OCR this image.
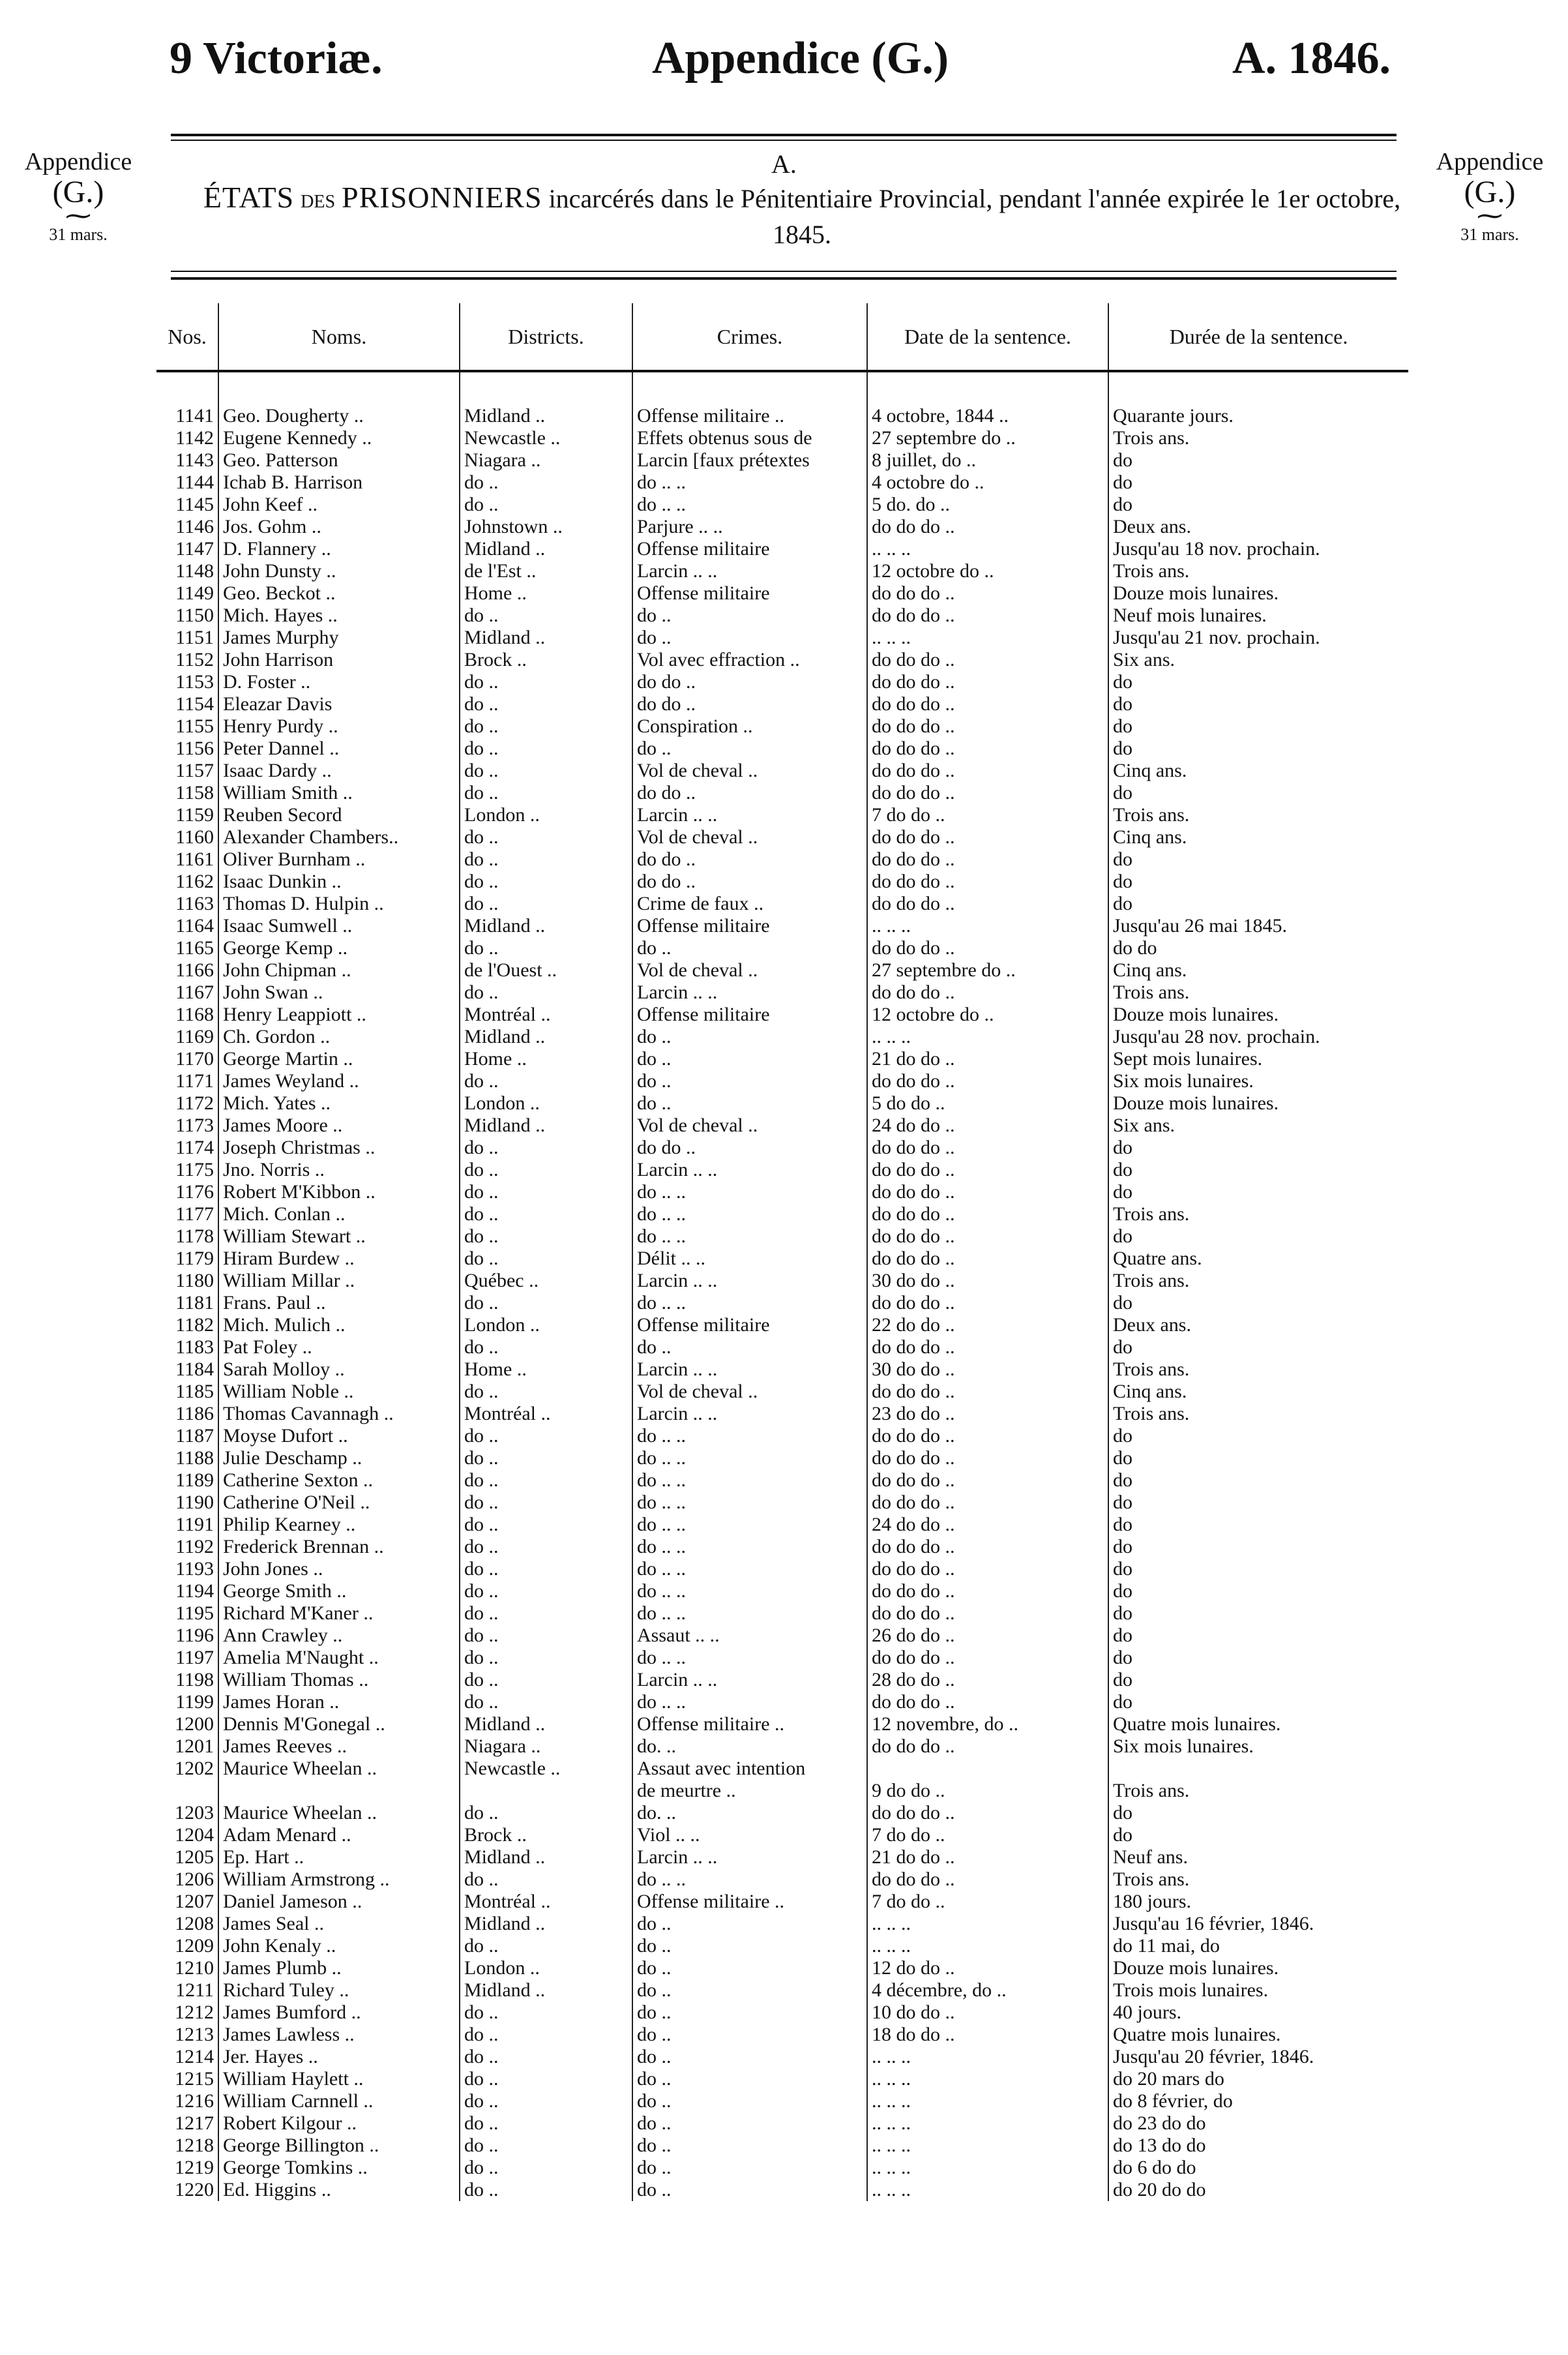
9 Victoriæ.	Appendice (G.)	A. 1846.
Appendice
(G.)
⁓
31 mars.
Appendice
(G.)
⁓
31 mars.
A.
ÉTATS DES PRISONNIERS incarcérés dans le Pénitentiaire Provincial, pendant l'année expirée le 1er octobre, 1845.
Nos.	Noms.	Districts.	Crimes.	Date de la sentence.	Durée de la sentence.
1141	Geo. Dougherty ..	Midland ..	Offense militaire ..	4 octobre, 1844 ..	Quarante jours.
1142	Eugene Kennedy ..	Newcastle ..	Effets obtenus sous de	27 septembre do ..	Trois ans.
1143	Geo. Patterson	Niagara ..	Larcin [faux prétextes	8 juillet, do ..	do
1144	Ichab B. Harrison	do ..	do .. ..	4 octobre do ..	do
1145	John Keef ..	do ..	do .. ..	5 do. do ..	do
1146	Jos. Gohm ..	Johnstown ..	Parjure .. ..	do do do ..	Deux ans.
1147	D. Flannery ..	Midland ..	Offense militaire	.. .. ..	Jusqu'au 18 nov. prochain.
1148	John Dunsty ..	de l'Est ..	Larcin .. ..	12 octobre do ..	Trois ans.
1149	Geo. Beckot ..	Home ..	Offense militaire	do do do ..	Douze mois lunaires.
1150	Mich. Hayes ..	do ..	do ..	do do do ..	Neuf mois lunaires.
1151	James Murphy	Midland ..	do ..	.. .. ..	Jusqu'au 21 nov. prochain.
1152	John Harrison	Brock ..	Vol avec effraction ..	do do do ..	Six ans.
1153	D. Foster ..	do ..	do do ..	do do do ..	do
1154	Eleazar Davis	do ..	do do ..	do do do ..	do
1155	Henry Purdy ..	do ..	Conspiration ..	do do do ..	do
1156	Peter Dannel ..	do ..	do ..	do do do ..	do
1157	Isaac Dardy ..	do ..	Vol de cheval ..	do do do ..	Cinq ans.
1158	William Smith ..	do ..	do do ..	do do do ..	do
1159	Reuben Secord	London ..	Larcin .. ..	7 do do ..	Trois ans.
1160	Alexander Chambers..	do ..	Vol de cheval ..	do do do ..	Cinq ans.
1161	Oliver Burnham ..	do ..	do do ..	do do do ..	do
1162	Isaac Dunkin ..	do ..	do do ..	do do do ..	do
1163	Thomas D. Hulpin ..	do ..	Crime de faux ..	do do do ..	do
1164	Isaac Sumwell ..	Midland ..	Offense militaire	.. .. ..	Jusqu'au 26 mai 1845.
1165	George Kemp ..	do ..	do ..	do do do ..	do do
1166	John Chipman ..	de l'Ouest ..	Vol de cheval ..	27 septembre do ..	Cinq ans.
1167	John Swan ..	do ..	Larcin .. ..	do do do ..	Trois ans.
1168	Henry Leappiott ..	Montréal ..	Offense militaire	12 octobre do ..	Douze mois lunaires.
1169	Ch. Gordon ..	Midland ..	do ..	.. .. ..	Jusqu'au 28 nov. prochain.
1170	George Martin ..	Home ..	do ..	21 do do ..	Sept mois lunaires.
1171	James Weyland ..	do ..	do ..	do do do ..	Six mois lunaires.
1172	Mich. Yates ..	London ..	do ..	5 do do ..	Douze mois lunaires.
1173	James Moore ..	Midland ..	Vol de cheval ..	24 do do ..	Six ans.
1174	Joseph Christmas ..	do ..	do do ..	do do do ..	do
1175	Jno. Norris ..	do ..	Larcin .. ..	do do do ..	do
1176	Robert M'Kibbon ..	do ..	do .. ..	do do do ..	do
1177	Mich. Conlan ..	do ..	do .. ..	do do do ..	Trois ans.
1178	William Stewart ..	do ..	do .. ..	do do do ..	do
1179	Hiram Burdew ..	do ..	Délit .. ..	do do do ..	Quatre ans.
1180	William Millar ..	Québec ..	Larcin .. ..	30 do do ..	Trois ans.
1181	Frans. Paul ..	do ..	do .. ..	do do do ..	do
1182	Mich. Mulich ..	London ..	Offense militaire	22 do do ..	Deux ans.
1183	Pat Foley ..	do ..	do ..	do do do ..	do
1184	Sarah Molloy ..	Home ..	Larcin .. ..	30 do do ..	Trois ans.
1185	William Noble ..	do ..	Vol de cheval ..	do do do ..	Cinq ans.
1186	Thomas Cavannagh ..	Montréal ..	Larcin .. ..	23 do do ..	Trois ans.
1187	Moyse Dufort ..	do ..	do .. ..	do do do ..	do
1188	Julie Deschamp ..	do ..	do .. ..	do do do ..	do
1189	Catherine Sexton ..	do ..	do .. ..	do do do ..	do
1190	Catherine O'Neil ..	do ..	do .. ..	do do do ..	do
1191	Philip Kearney ..	do ..	do .. ..	24 do do ..	do
1192	Frederick Brennan ..	do ..	do .. ..	do do do ..	do
1193	John Jones ..	do ..	do .. ..	do do do ..	do
1194	George Smith ..	do ..	do .. ..	do do do ..	do
1195	Richard M'Kaner ..	do ..	do .. ..	do do do ..	do
1196	Ann Crawley ..	do ..	Assaut .. ..	26 do do ..	do
1197	Amelia M'Naught ..	do ..	do .. ..	do do do ..	do
1198	William Thomas ..	do ..	Larcin .. ..	28 do do ..	do
1199	James Horan ..	do ..	do .. ..	do do do ..	do
1200	Dennis M'Gonegal ..	Midland ..	Offense militaire ..	12 novembre, do ..	Quatre mois lunaires.
1201	James Reeves ..	Niagara ..	do. ..	do do do ..	Six mois lunaires.
1202	Maurice Wheelan ..	Newcastle ..	Assaut avec intention		
			de meurtre ..	9 do do ..	Trois ans.
1203	Maurice Wheelan ..	do ..	do. ..	do do do ..	do
1204	Adam Menard ..	Brock ..	Viol .. ..	7 do do ..	do
1205	Ep. Hart ..	Midland ..	Larcin .. ..	21 do do ..	Neuf ans.
1206	William Armstrong ..	do ..	do .. ..	do do do ..	Trois ans.
1207	Daniel Jameson ..	Montréal ..	Offense militaire ..	7 do do ..	180 jours.
1208	James Seal ..	Midland ..	do ..	.. .. ..	Jusqu'au 16 février, 1846.
1209	John Kenaly ..	do ..	do ..	.. .. ..	do 11 mai, do
1210	James Plumb ..	London ..	do ..	12 do do ..	Douze mois lunaires.
1211	Richard Tuley ..	Midland ..	do ..	4 décembre, do ..	Trois mois lunaires.
1212	James Bumford ..	do ..	do ..	10 do do ..	40 jours.
1213	James Lawless ..	do ..	do ..	18 do do ..	Quatre mois lunaires.
1214	Jer. Hayes ..	do ..	do ..	.. .. ..	Jusqu'au 20 février, 1846.
1215	William Haylett ..	do ..	do ..	.. .. ..	do 20 mars do
1216	William Carnnell ..	do ..	do ..	.. .. ..	do 8 février, do
1217	Robert Kilgour ..	do ..	do ..	.. .. ..	do 23 do do
1218	George Billington ..	do ..	do ..	.. .. ..	do 13 do do
1219	George Tomkins ..	do ..	do ..	.. .. ..	do 6 do do
1220	Ed. Higgins ..	do ..	do ..	.. .. ..	do 20 do do
